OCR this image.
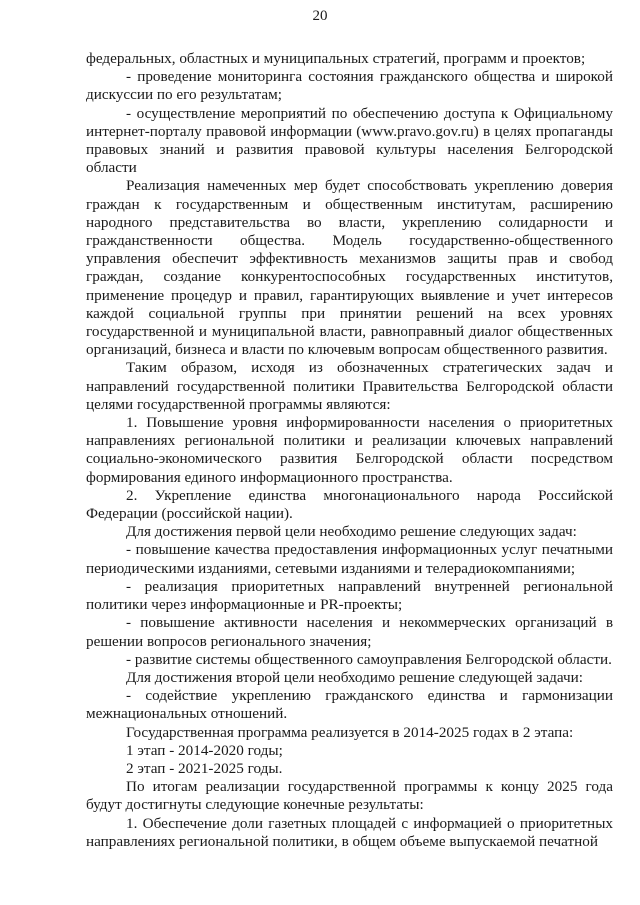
20

федеральных, областных и муниципальных стратегий, программ и проектов;

- проведение мониторинга состояния гражданского общества и широкой дискуссии по его результатам;

- осуществление мероприятий по обеспечению доступа к Официальному интернет-порталу правовой информации (www.pravo.gov.ru) в целях пропаганды правовых знаний и развития правовой культуры населения Белгородской области

Реализация намеченных мер будет способствовать укреплению доверия граждан к государственным и общественным институтам, расширению народного представительства во власти, укреплению солидарности и гражданственности общества. Модель государственно-общественного управления обеспечит эффективность механизмов защиты прав и свобод граждан, создание конкурентоспособных государственных институтов, применение процедур и правил, гарантирующих выявление и учет интересов каждой социальной группы при принятии решений на всех уровнях государственной и муниципальной власти, равноправный диалог общественных организаций, бизнеса и власти по ключевым вопросам общественного развития.

Таким образом, исходя из обозначенных стратегических задач и направлений государственной политики Правительства Белгородской области целями государственной программы являются:

1. Повышение уровня информированности населения о приоритетных направлениях региональной политики и реализации ключевых направлений социально-экономического развития Белгородской области посредством формирования единого информационного пространства.

2. Укрепление единства многонационального народа Российской Федерации (российской нации).

Для достижения первой цели необходимо решение следующих задач:

- повышение качества предоставления информационных услуг печатными периодическими изданиями, сетевыми изданиями и телерадиокомпаниями;

- реализация приоритетных направлений внутренней региональной политики через информационные и PR-проекты;

- повышение активности населения и некоммерческих организаций в решении вопросов регионального значения;

- развитие системы общественного самоуправления Белгородской области.

Для достижения второй цели необходимо решение следующей задачи:

- содействие укреплению гражданского единства и гармонизации межнациональных отношений.

Государственная программа реализуется в 2014-2025 годах в 2 этапа:

1 этап - 2014-2020 годы;

2 этап - 2021-2025 годы.

По итогам реализации государственной программы к концу 2025 года будут достигнуты следующие конечные результаты:

1. Обеспечение доли газетных площадей с информацией о приоритетных направлениях региональной политики, в общем объеме выпускаемой печатной
